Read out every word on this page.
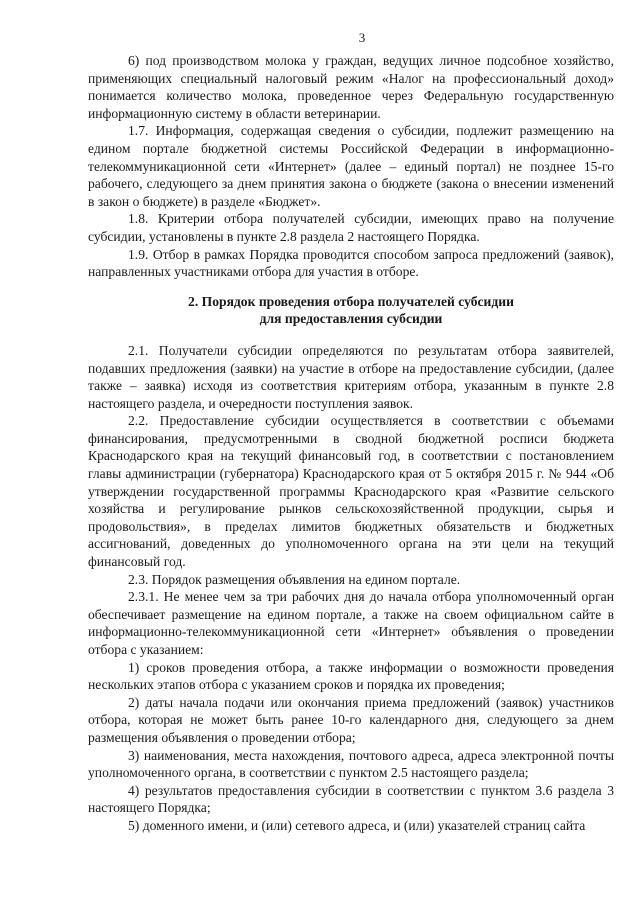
3

6) под производством молока у граждан, ведущих личное подсобное хозяйство, применяющих специальный налоговый режим «Налог на профессиональный доход» понимается количество молока, проведенное через Федеральную государственную информационную систему в области ветеринарии.

1.7. Информация, содержащая сведения о субсидии, подлежит размещению на едином портале бюджетной системы Российской Федерации в информационно-телекоммуникационной сети «Интернет» (далее – единый портал) не позднее 15-го рабочего, следующего за днем принятия закона о бюджете (закона о внесении изменений в закон о бюджете) в разделе «Бюджет».

1.8. Критерии отбора получателей субсидии, имеющих право на получение субсидии, установлены в пункте 2.8 раздела 2 настоящего Порядка.

1.9. Отбор в рамках Порядка проводится способом запроса предложений (заявок), направленных участниками отбора для участия в отборе.

2. Порядок проведения отбора получателей субсидии
для предоставления субсидии

2.1. Получатели субсидии определяются по результатам отбора заявителей, подавших предложения (заявки) на участие в отборе на предоставление субсидии, (далее также – заявка) исходя из соответствия критериям отбора, указанным в пункте 2.8 настоящего раздела, и очередности поступления заявок.

2.2. Предоставление субсидии осуществляется в соответствии с объемами финансирования, предусмотренными в сводной бюджетной росписи бюджета Краснодарского края на текущий финансовый год, в соответствии с постановлением главы администрации (губернатора) Краснодарского края от 5 октября 2015 г. № 944 «Об утверждении государственной программы Краснодарского края «Развитие сельского хозяйства и регулирование рынков сельскохозяйственной продукции, сырья и продовольствия», в пределах лимитов бюджетных обязательств и бюджетных ассигнований, доведенных до уполномоченного органа на эти цели на текущий финансовый год.

2.3. Порядок размещения объявления на едином портале.

2.3.1. Не менее чем за три рабочих дня до начала отбора уполномоченный орган обеспечивает размещение на едином портале, а также на своем официальном сайте в информационно-телекоммуникационной сети «Интернет» объявления о проведении отбора с указанием:

1) сроков проведения отбора, а также информации о возможности проведения нескольких этапов отбора с указанием сроков и порядка их проведения;

2) даты начала подачи или окончания приема предложений (заявок) участников отбора, которая не может быть ранее 10-го календарного дня, следующего за днем размещения объявления о проведении отбора;

3) наименования, места нахождения, почтового адреса, адреса электронной почты уполномоченного органа, в соответствии с пунктом 2.5 настоящего раздела;

4) результатов предоставления субсидии в соответствии с пунктом 3.6 раздела 3 настоящего Порядка;

5) доменного имени, и (или) сетевого адреса, и (или) указателей страниц сайта
